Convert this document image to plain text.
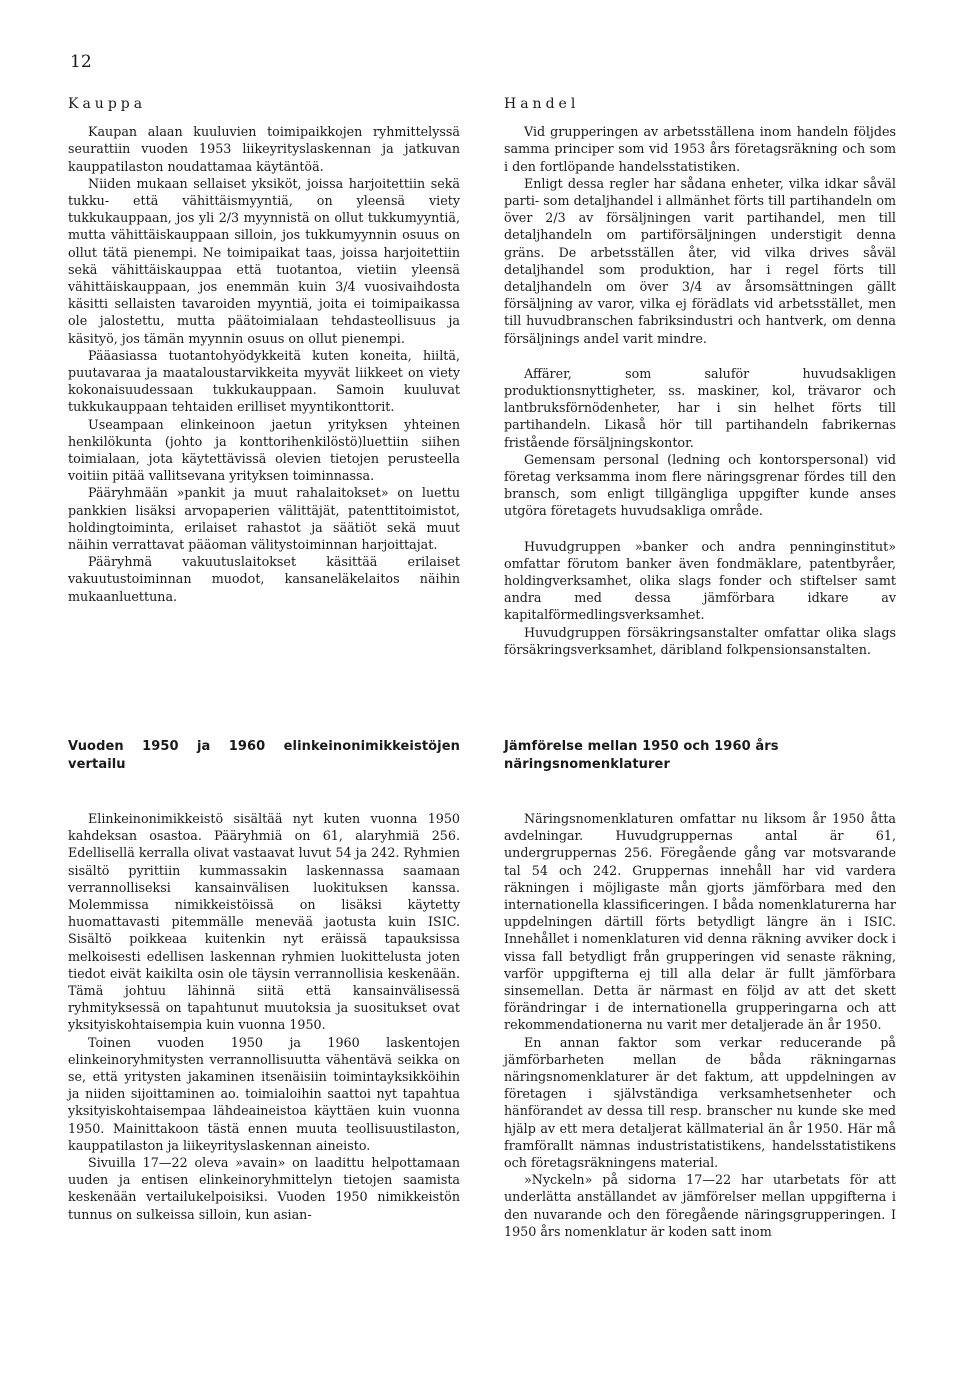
12
Kauppa

Kaupan alaan kuuluvien toimipaikkojen ryhmittelyssä seurattiin vuoden 1953 liikeyrityslaskennan ja jatkuvan kauppatilaston noudattamaa käytäntöä.

Niiden mukaan sellaiset yksiköt, joissa harjoitettiin sekä tukku- että vähittäismyyntiä, on yleensä viety tukkukauppaan, jos yli 2/3 myynnistä on ollut tukkumyyntiä, mutta vähittäiskauppaan silloin, jos tukkumyynnin osuus on ollut tätä pienempi. Ne toimipaikat taas, joissa harjoitettiin sekä vähittäiskauppaa että tuotantoa, vietiin yleensä vähittäiskauppaan, jos enemmän kuin 3/4 vuosivaihdosta käsitti sellaisten tavaroiden myyntiä, joita ei toimipaikassa ole jalostettu, mutta päätoimialaan tehdasteollisuus ja käsityö, jos tämän myynnin osuus on ollut pienempi.

Pääasiassa tuotantohyödykkeitä kuten koneita, hiiltä, puutavaraa ja maataloustarvikkeita myyvät liikkeet on viety kokonaisuudessaan tukkukauppaan. Samoin kuuluvat tukkukauppaan tehtaiden erilliset myyntikonttorit.

Useampaan elinkeinoon jaetun yrityksen yhteinen henkilökunta (johto ja konttorihenkilöstö)luettiin siihen toimialaan, jota käytettävissä olevien tietojen perusteella voitiin pitää vallitsevana yrityksen toiminnassa.

Pääryhmään »pankit ja muut rahalaitokset» on luettu pankkien lisäksi arvopaperien välittäjät, patenttitoimistot, holdingtoiminta, erilaiset rahastot ja säätiöt sekä muut näihin verrattavat pääoman välitystoiminnan harjoittajat.

Pääryhmä vakuutuslaitokset käsittää erilaiset vakuutustoiminnan muodot, kansaneläkelaitos näihin mukaanluettuna.

Handel

Vid grupperingen av arbetsställena inom handeln följdes samma principer som vid 1953 års företagsräkning och som i den fortlöpande handelsstatistiken.

Enligt dessa regler har sådana enheter, vilka idkar såväl parti- som detaljhandel i allmänhet förts till partihandeln om över 2/3 av försäljningen varit partihandel, men till detaljhandeln om partiförsäljningen understigit denna gräns. De arbetsställen åter, vid vilka drives såväl detaljhandel som produktion, har i regel förts till detaljhandeln om över 3/4 av årsomsättningen gällt försäljning av varor, vilka ej förädlats vid arbetsstället, men till huvudbranschen fabriksindustri och hantverk, om denna försäljnings andel varit mindre.

Affärer, som saluför huvudsakligen produktionsnyttigheter, ss. maskiner, kol, trävaror och lantbruksförnödenheter, har i sin helhet förts till partihandeln. Likaså hör till partihandeln fabrikernas fristående försäljningskontor.

Gemensam personal (ledning och kontorspersonal) vid företag verksamma inom flere näringsgrenar fördes till den bransch, som enligt tillgängliga uppgifter kunde anses utgöra företagets huvudsakliga område.

Huvudgruppen »banker och andra penninginstitut» omfattar förutom banker även fondmäklare, patentbyråer, holdingverksamhet, olika slags fonder och stiftelser samt andra med dessa jämförbara idkare av kapitalförmedlingsverksamhet.

Huvudgruppen försäkringsanstalter omfattar olika slags försäkringsverksamhet, däribland folkpensionsanstalten.

Vuoden 1950 ja 1960 elinkeinonimikkeistöjen vertailu

Elinkeinonimikkeistö sisältää nyt kuten vuonna 1950 kahdeksan osastoa. Pääryhmiä on 61, alaryhmiä 256. Edellisellä kerralla olivat vastaavat luvut 54 ja 242. Ryhmien sisältö pyrittiin kummassakin laskennassa saamaan verrannolliseksi kansainvälisen luokituksen kanssa. Molemmissa nimikkeistöissä on lisäksi käytetty huomattavasti pitemmälle menevää jaotusta kuin ISIC. Sisältö poikkeaa kuitenkin nyt eräissä tapauksissa melkoisesti edellisen laskennan ryhmien luokittelusta joten tiedot eivät kaikilta osin ole täysin verrannollisia keskenään. Tämä johtuu lähinnä siitä että kansainvälisessä ryhmityksessä on tapahtunut muutoksia ja suositukset ovat yksityiskohtaisempia kuin vuonna 1950.

Toinen vuoden 1950 ja 1960 laskentojen elinkeinoryhmitysten verrannollisuutta vähentävä seikka on se, että yritysten jakaminen itsenäisiin toimintayksikköihin ja niiden sijoittaminen ao. toimialoihin saattoi nyt tapahtua yksityiskohtaisempaa lähdeaineistoa käyttäen kuin vuonna 1950. Mainittakoon tästä ennen muuta teollisuustilaston, kauppatilaston ja liikeyrityslaskennan aineisto.

Sivuilla 17—22 oleva »avain» on laadittu helpottamaan uuden ja entisen elinkeinoryhmittelyn tietojen saamista keskenään vertailukelpoisiksi. Vuoden 1950 nimikkeistön tunnus on sulkeissa silloin, kun asian-

Jämförelse mellan 1950 och 1960 års näringsnomenklaturer

Näringsnomenklaturen omfattar nu liksom år 1950 åtta avdelningar. Huvudgruppernas antal är 61, undergruppernas 256. Föregående gång var motsvarande tal 54 och 242. Gruppernas innehåll har vid vardera räkningen i möjligaste mån gjorts jämförbara med den internationella klassificeringen. I båda nomenklaturerna har uppdelningen därtill förts betydligt längre än i ISIC. Innehållet i nomenklaturen vid denna räkning avviker dock i vissa fall betydligt från grupperingen vid senaste räkning, varför uppgifterna ej till alla delar är fullt jämförbara sinsemellan. Detta är närmast en följd av att det skett förändringar i de internationella grupperingarna och att rekommendationerna nu varit mer detaljerade än år 1950.

En annan faktor som verkar reducerande på jämförbarheten mellan de båda räkningarnas näringsnomenklaturer är det faktum, att uppdelningen av företagen i självständiga verksamhetsenheter och hänförandet av dessa till resp. branscher nu kunde ske med hjälp av ett mera detaljerat källmaterial än år 1950. Här må framförallt nämnas industristatistikens, handelsstatistikens och företagsräkningens material.

»Nyckeln» på sidorna 17—22 har utarbetats för att underlätta anställandet av jämförelser mellan uppgifterna i den nuvarande och den föregående näringsgrupperingen. I 1950 års nomenklatur är koden satt inom
